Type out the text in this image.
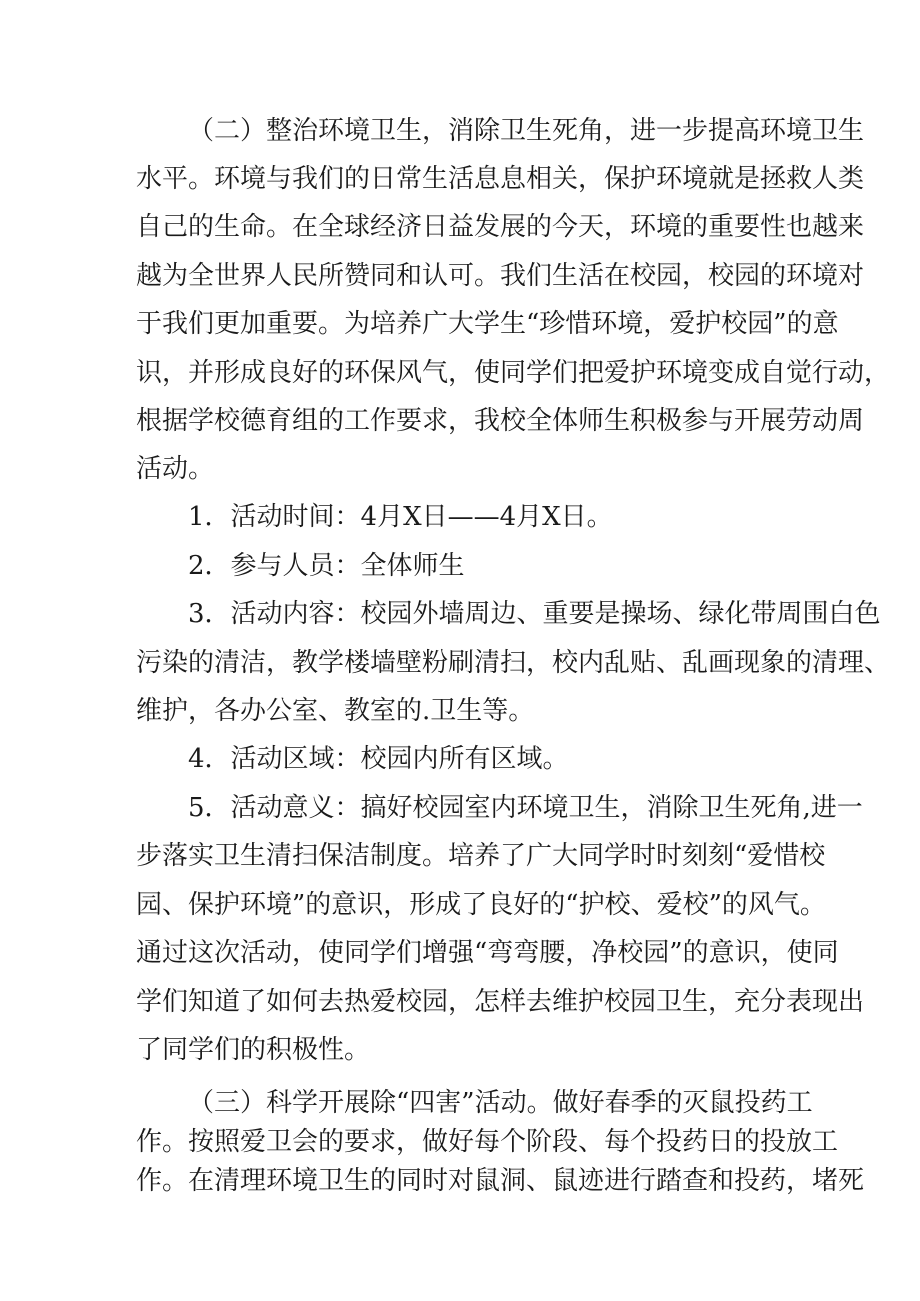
（二）整治环境卫生，消除卫生死角，进一步提高环境卫生
水平。环境与我们的日常生活息息相关，保护环境就是拯救人类
自己的生命。在全球经济日益发展的今天，环境的重要性也越来
越为全世界人民所赞同和认可。我们生活在校园，校园的环境对
于我们更加重要。为培养广大学生“珍惜环境，爱护校园”的意
识，并形成良好的环保风气，使同学们把爱护环境变成自觉行动，
根据学校德育组的工作要求，我校全体师生积极参与开展劳动周
活动。
1．活动时间：4月X日——4月X日。
2．参与人员：全体师生
3．活动内容：校园外墙周边、重要是操场、绿化带周围白色
污染的清洁，教学楼墙壁粉刷清扫，校内乱贴、乱画现象的清理、
维护，各办公室、教室的.卫生等。
4．活动区域：校园内所有区域。
5．活动意义：搞好校园室内环境卫生，消除卫生死角,进一
步落实卫生清扫保洁制度。培养了广大同学时时刻刻“爱惜校
园、保护环境”的意识，形成了良好的“护校、爱校”的风气。
通过这次活动，使同学们增强“弯弯腰，净校园”的意识，使同
学们知道了如何去热爱校园，怎样去维护校园卫生，充分表现出
了同学们的积极性。
（三）科学开展除“四害”活动。做好春季的灭鼠投药工
作。按照爱卫会的要求，做好每个阶段、每个投药日的投放工
作。在清理环境卫生的同时对鼠洞、鼠迹进行踏查和投药，堵死
